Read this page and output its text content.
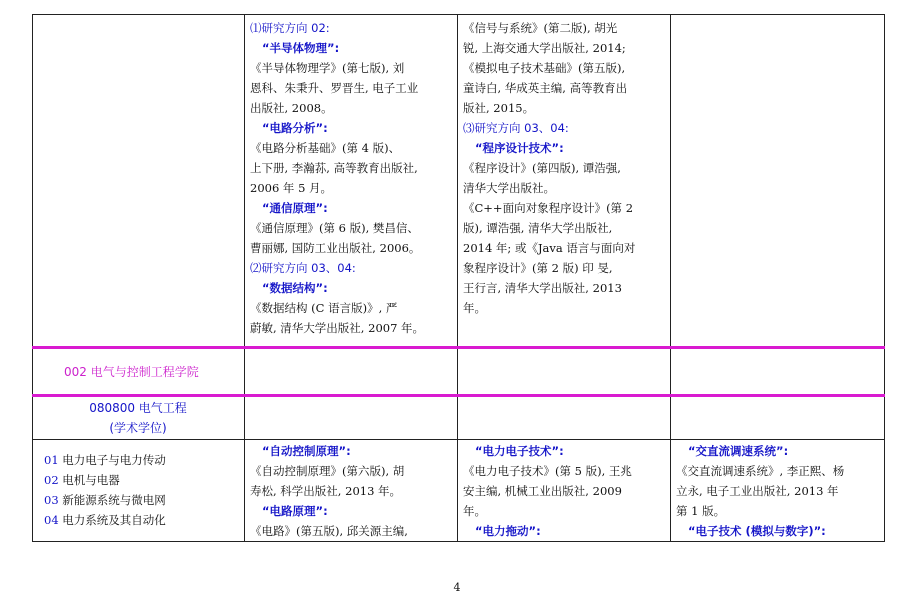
⑴研究方向 02:
“半导体物理”:
《半导体物理学》(第七版), 刘
恩科、朱秉升、罗晋生, 电子工业
出版社, 2008。
“电路分析”:
《电路分析基础》(第 4 版)、
上下册, 李瀚荪, 高等教育出版社,
2006 年 5 月。
“通信原理”:
《通信原理》(第 6 版), 樊昌信、
曹丽娜, 国防工业出版社, 2006。
⑵研究方向 03、04:
“数据结构”:
《数据结构 (C 语言版)》, 严
蔚敏, 清华大学出版社, 2007 年。
《信号与系统》(第二版), 胡光
锐, 上海交通大学出版社, 2014;
《模拟电子技术基础》(第五版),
童诗白, 华成英主编, 高等教育出
版社, 2015。
⑶研究方向 03、04:
“程序设计技术”:
《程序设计》(第四版), 谭浩强,
清华大学出版社。
《C++面向对象程序设计》(第 2
版), 谭浩强, 清华大学出版社,
2014 年; 或《Java 语言与面向对
象程序设计》(第 2 版) 印 旻,
王行言, 清华大学出版社, 2013
年。
002 电气与控制工程学院
080800 电气工程
(学术学位)
01 电力电子与电力传动
02 电机与电器
03 新能源系统与微电网
04 电力系统及其自动化
“自动控制原理”:
《自动控制原理》(第六版), 胡
寿松, 科学出版社, 2013 年。
“电路原理”:
《电路》(第五版), 邱关源主编,
“电力电子技术”:
《电力电子技术》(第 5 版), 王兆
安主编, 机械工业出版社, 2009
年。
“电力拖动”:
“交直流调速系统”:
《交直流调速系统》, 李正熙、杨
立永, 电子工业出版社, 2013 年
第 1 版。
“电子技术 (模拟与数字)”:
4
